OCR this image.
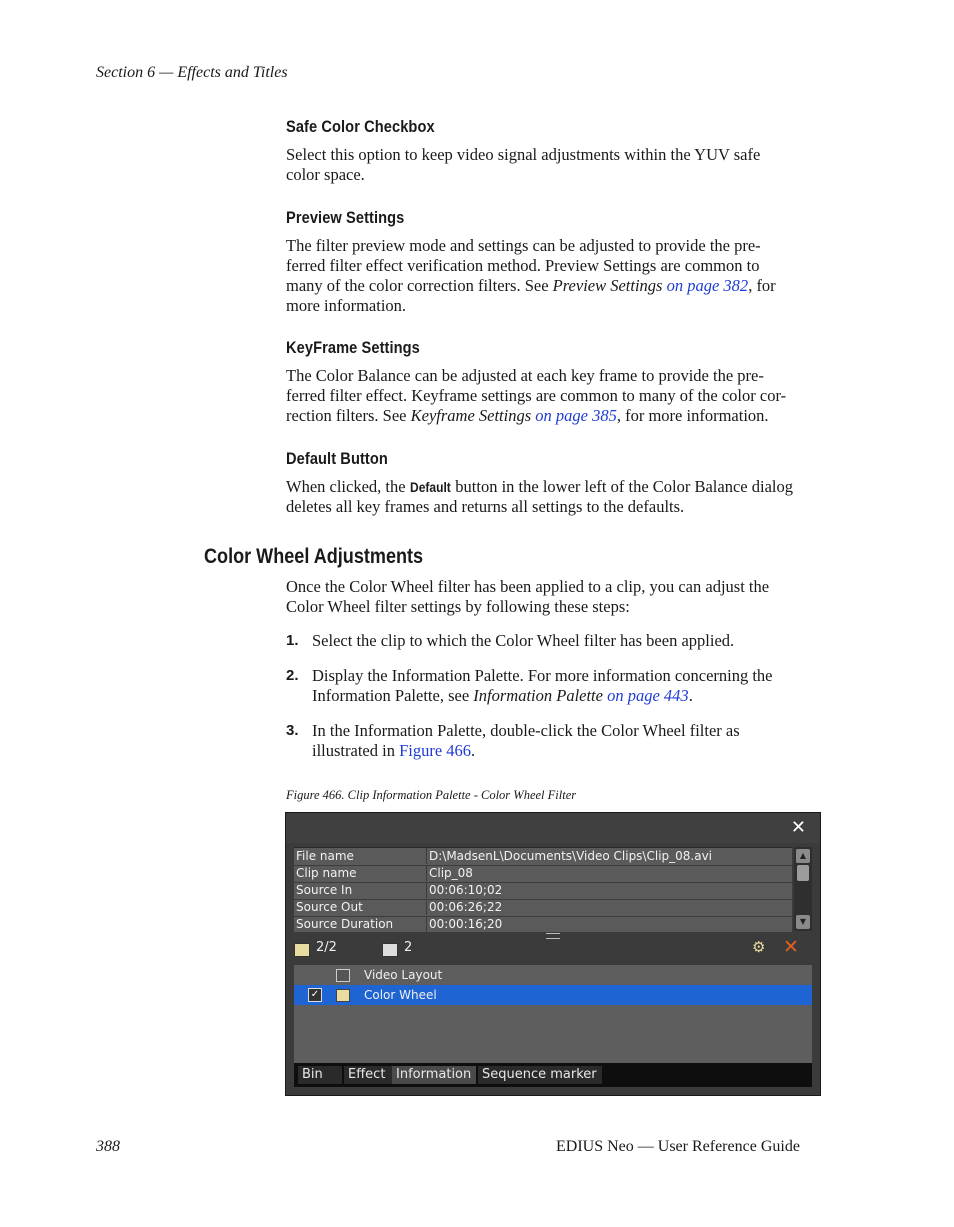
Section 6 — Effects and Titles
Safe Color Checkbox
Select this option to keep video signal adjustments within the YUV safe
color space.
Preview Settings
The filter preview mode and settings can be adjusted to provide the pre-
ferred filter effect verification method. Preview Settings are common to
many of the color correction filters. See Preview Settings on page 382, for
more information.
KeyFrame Settings
The Color Balance can be adjusted at each key frame to provide the pre-
ferred filter effect. Keyframe settings are common to many of the color cor-
rection filters. See Keyframe Settings on page 385, for more information.
Default Button
When clicked, the Default button in the lower left of the Color Balance dialog
deletes all key frames and returns all settings to the defaults.
Color Wheel Adjustments
Once the Color Wheel filter has been applied to a clip, you can adjust the
Color Wheel filter settings by following these steps:
1. Select the clip to which the Color Wheel filter has been applied.
2. Display the Information Palette. For more information concerning the
Information Palette, see Information Palette on page 443.
3. In the Information Palette, double-click the Color Wheel filter as
illustrated in Figure 466.
Figure 466. Clip Information Palette - Color Wheel Filter
✕
File name	D:\MadsenL\Documents\Video Clips\Clip_08.avi
Clip name	Clip_08
Source In	00:06:10;02
Source Out	00:06:26;22
Source Duration	00:00:16;20
▲
▼
2/2	2	⚙ ✕
Video Layout
✓	Color Wheel
Bin	Effect Information Sequence marker
388	EDIUS Neo — User Reference Guide
